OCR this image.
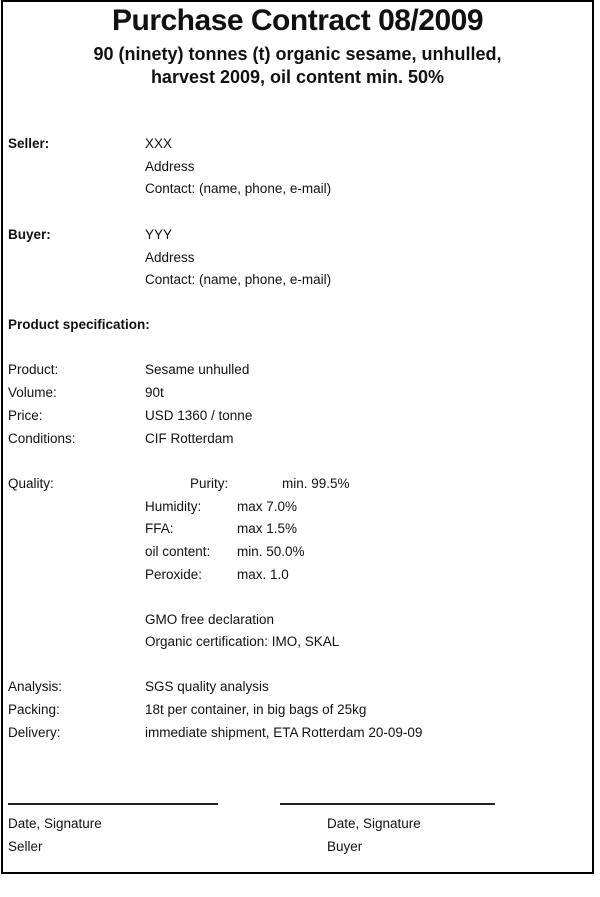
Purchase Contract 08/2009
90 (ninety) tonnes (t) organic sesame, unhulled,
harvest 2009, oil content min. 50%
Seller:	XXX
Address
Contact: (name, phone, e-mail)
Buyer:	YYY
Address
Contact: (name, phone, e-mail)
Product specification:
Product:	Sesame unhulled
Volume:	90t
Price:	USD 1360 / tonne
Conditions:	CIF Rotterdam
Quality:	Purity:	min. 99.5%
Humidity:	max 7.0%
FFA:	max 1.5%
oil content: min. 50.0%
Peroxide:	max. 1.0
GMO free declaration
Organic certification: IMO, SKAL
Analysis:	SGS quality analysis
Packing:	18t per container, in big bags of 25kg
Delivery:	immediate shipment, ETA Rotterdam 20-09-09
Date, Signature	Date, Signature
Seller	Buyer
